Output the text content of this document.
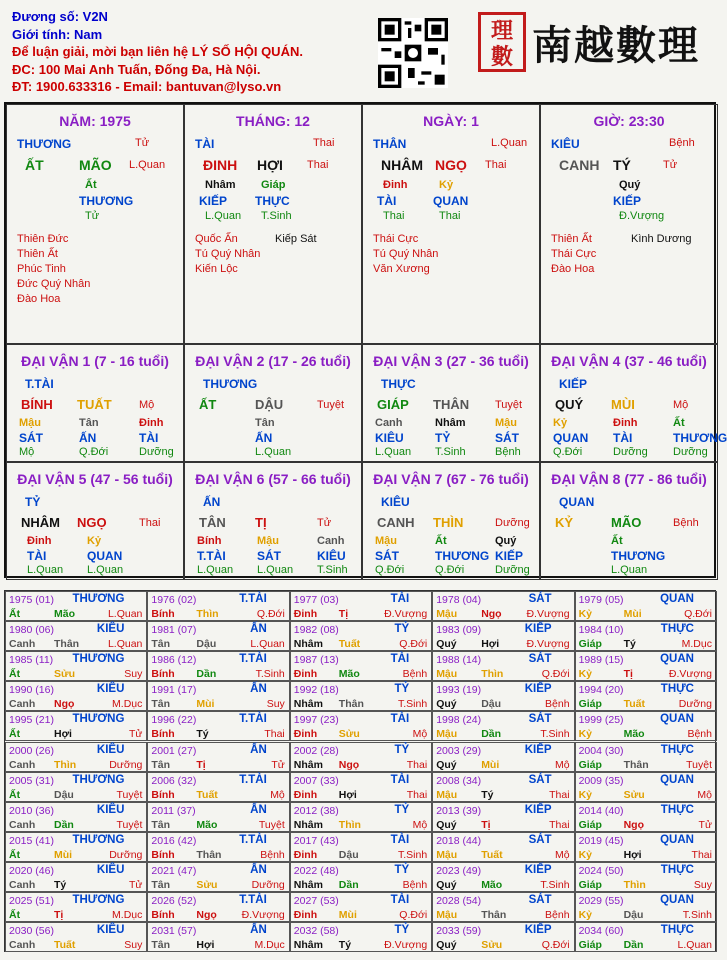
Đương số: V2N
Giới tính: Nam
Để luận giải, mời bạn liên hệ LÝ SỐ HỘI QUÁN.
ĐC: 100 Mai Anh Tuấn, Đống Đa, Hà Nội.
ĐT: 1900.633316 - Email: bantuvan@lyso.vn
理數 南越數理
NĂM: 1975
THƯƠNG	Tử
ẤT	MÃO L.Quan
Ất
THƯƠNG
Tử
Thiên Đức
Thiên Ất
Phúc Tinh
Đức Quý Nhân
Đào Hoa
THÁNG: 12
TÀI	Thai
ĐINH HỢI Thai
Nhâm
KIẾP
L.Quan
Giáp
THỰC
T.Sinh
Quốc Ấn
Tú Quý Nhân
Kiến Lộc
Kiếp Sát
NGÀY: 1
THÂN	L.Quan
NHÂM NGỌ Thai
Đinh
TÀI
Thai
Kỷ
QUAN
Thai
Thái Cực
Tú Quý Nhân
Văn Xương
GIỜ: 23:30
KIÊU	Bệnh
CANH TÝ	Tử
Quý
KIẾP
Đ.Vượng
Thiên Ất
Thái Cực
Đào Hoa
Kình Dương
ĐẠI VẬN 1 (7 - 16 tuổi)
T.TÀI
BÍNH TUẤT Mộ
Mậu
SÁT
Mộ
Tân
ẤN
Q.Đới
Đinh
TÀI
Dưỡng
ĐẠI VẬN 2 (17 - 26 tuổi)
THƯƠNG
ẤT	DẬU	Tuyệt
Tân
ẤN
L.Quan
ĐẠI VẬN 3 (27 - 36 tuổi)
THỰC
GIÁP THÂN Tuyệt
Canh
KIÊU
L.Quan
Nhâm
TỶ
T.Sinh
Mậu
SÁT
Bệnh
ĐẠI VẬN 4 (37 - 46 tuổi)
KIẾP
QUÝ MÙI	Mộ
Kỷ
QUAN
Q.Đới
Đinh
TÀI
Dưỡng
Ất
THƯƠNG
Dưỡng
ĐẠI VẬN 5 (47 - 56 tuổi)
TỶ
NHÂM NGỌ	Thai
Đinh
TÀI
L.Quan
Kỷ
QUAN
L.Quan
ĐẠI VẬN 6 (57 - 66 tuổi)
ẤN
TÂN TỊ	Tử
Bính
T.TÀI
L.Quan
Mậu
SÁT
L.Quan
Canh
KIÊU
T.Sinh
ĐẠI VẬN 7 (67 - 76 tuổi)
KIÊU
CANH THÌN	Dưỡng
Mậu
SÁT
Q.Đới
Ất
THƯƠNG
Q.Đới
Quý
KIẾP
Dưỡng
ĐẠI VẬN 8 (77 - 86 tuổi)
QUAN
KỶ	MÃO	Bệnh
Ất
THƯƠNG
L.Quan
1975 (01) THƯƠNG
Ất	Mão	L.Quan
1976 (02)	T.TÀI
Bính Thìn	Q.Đới
1977 (03)	TÀI
Đinh Tị	Đ.Vượng
1978 (04)	SÁT
Mậu Ngọ Đ.Vượng
1979 (05)	QUAN
Kỷ	Mùi	Q.Đới
1980 (06)	KIÊU
Canh Thân	L.Quan
1981 (07)	ẤN
Tân	Dậu	L.Quan
1982 (08)	TỶ
Nhâm Tuất	Q.Đới
1983 (09)	KIẾP
Quý Hợi	Đ.Vượng
1984 (10)	THỰC
Giáp Tý	M.Dục
1985 (11) THƯƠNG
Ất	Sửu	Suy
1986 (12)	T.TÀI
Bính Dần	T.Sinh
1987 (13)	TÀI
Đinh Mão	Bệnh
1988 (14)	SÁT
Mậu Thìn	Q.Đới
1989 (15)	QUAN
Kỷ	Tị	Đ.Vượng
1990 (16)	KIÊU
Canh Ngọ	M.Dục
1991 (17)	ẤN
Tân	Mùi	Suy
1992 (18)	TỶ
Nhâm Thân	T.Sinh
1993 (19)	KIẾP
Quý Dậu	Bệnh
1994 (20)	THỰC
Giáp Tuất	Dưỡng
1995 (21) THƯƠNG
Ất	Hợi	Tử
1996 (22)	T.TÀI
Bính Tý	Thai
1997 (23)	TÀI
Đinh Sửu	Mộ
1998 (24)	SÁT
Mậu Dần	T.Sinh
1999 (25)	QUAN
Kỷ	Mão	Bệnh
2000 (26)	KIÊU
Canh Thìn	Dưỡng
2001 (27)	ẤN
Tân	Tị	Tử
2002 (28)	TỶ
Nhâm Ngọ	Thai
2003 (29)	KIẾP
Quý Mùi	Mộ
2004 (30)	THỰC
Giáp Thân	Tuyệt
2005 (31) THƯƠNG
Ất	Dậu	Tuyệt
2006 (32)	T.TÀI
Bính Tuất	Mộ
2007 (33)	TÀI
Đinh Hợi	Thai
2008 (34)	SÁT
Mậu Tý	Thai
2009 (35)	QUAN
Kỷ	Sửu	Mộ
2010 (36)	KIÊU
Canh Dần	Tuyệt
2011 (37)	ẤN
Tân	Mão	Tuyệt
2012 (38)	TỶ
Nhâm Thìn	Mộ
2013 (39)	KIẾP
Quý Tị	Thai
2014 (40)	THỰC
Giáp Ngọ	Tử
2015 (41) THƯƠNG
Ất	Mùi	Dưỡng
2016 (42)	T.TÀI
Bính Thân	Bệnh
2017 (43)	TÀI
Đinh Dậu	T.Sinh
2018 (44)	SÁT
Mậu Tuất	Mộ
2019 (45)	QUAN
Kỷ	Hợi	Thai
2020 (46)	KIÊU
Canh Tý	Tử
2021 (47)	ẤN
Tân	Sửu	Dưỡng
2022 (48)	TỶ
Nhâm Dần	Bệnh
2023 (49)	KIẾP
Quý Mão	T.Sinh
2024 (50)	THỰC
Giáp Thìn	Suy
2025 (51) THƯƠNG
Ất	Tị	M.Dục
2026 (52)	T.TÀI
Bính Ngọ Đ.Vượng
2027 (53)	TÀI
Đinh Mùi	Q.Đới
2028 (54)	SÁT
Mậu Thân	Bệnh
2029 (55)	QUAN
Kỷ	Dậu	T.Sinh
2030 (56)	KIÊU
Canh Tuất	Suy
2031 (57)	ẤN
Tân	Hợi	M.Dục
2032 (58)	TỶ
Nhâm Tý	Đ.Vượng
2033 (59)	KIẾP
Quý Sửu	Q.Đới
2034 (60)	THỰC
Giáp Dần	L.Quan
